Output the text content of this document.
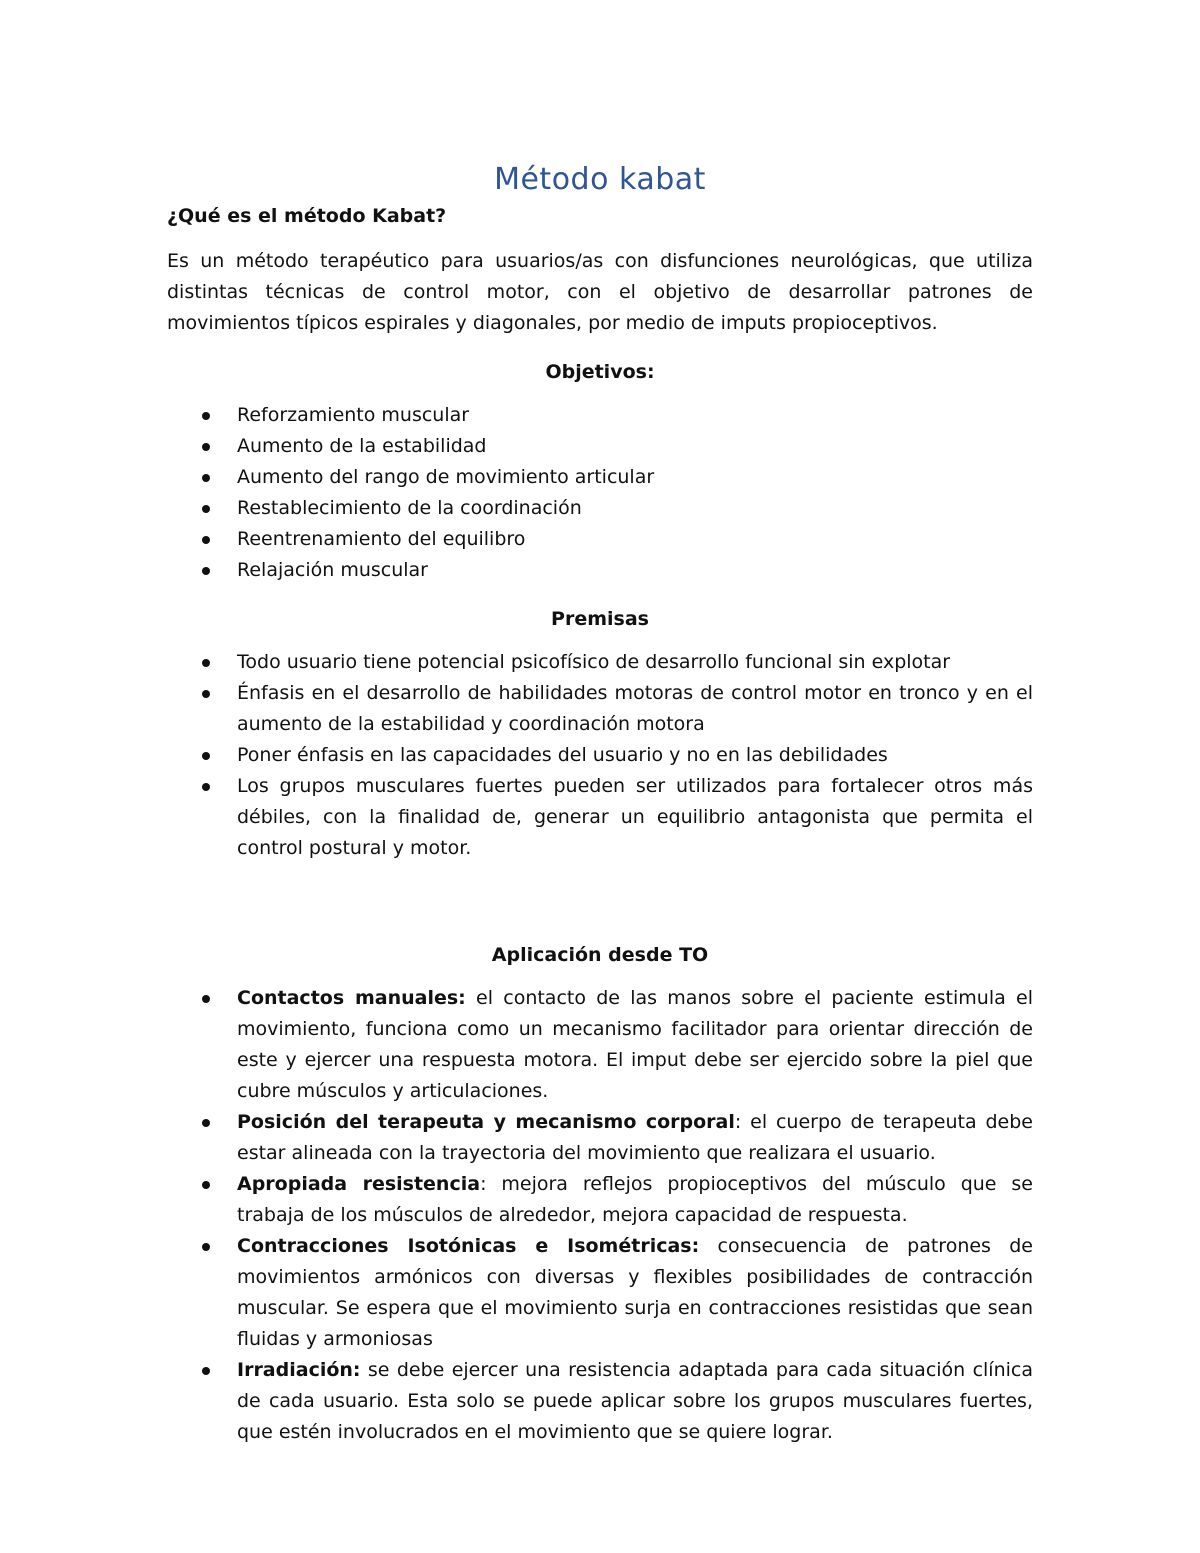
Método kabat
¿Qué es el método Kabat?

Es un método terapéutico para usuarios/as con disfunciones neurológicas, que utiliza distintas técnicas de control motor, con el objetivo de desarrollar patrones de movimientos típicos espirales y diagonales, por medio de imputs propioceptivos.

Objetivos:
Reforzamiento muscular
Aumento de la estabilidad
Aumento del rango de movimiento articular
Restablecimiento de la coordinación
Reentrenamiento del equilibro
Relajación muscular
Premisas
Todo usuario tiene potencial psicofísico de desarrollo funcional sin explotar
Énfasis en el desarrollo de habilidades motoras de control motor en tronco y en el aumento de la estabilidad y coordinación motora
Poner énfasis en las capacidades del usuario y no en las debilidades
Los grupos musculares fuertes pueden ser utilizados para fortalecer otros más débiles, con la finalidad de, generar un equilibrio antagonista que permita el control postural y motor.
Aplicación desde TO
Contactos manuales: el contacto de las manos sobre el paciente estimula el movimiento, funciona como un mecanismo facilitador para orientar dirección de este y ejercer una respuesta motora. El imput debe ser ejercido sobre la piel que cubre músculos y articulaciones.
Posición del terapeuta y mecanismo corporal: el cuerpo de terapeuta debe estar alineada con la trayectoria del movimiento que realizara el usuario.
Apropiada resistencia: mejora reflejos propioceptivos del músculo que se trabaja de los músculos de alrededor, mejora capacidad de respuesta.
Contracciones Isotónicas e Isométricas: consecuencia de patrones de movimientos armónicos con diversas y flexibles posibilidades de contracción muscular. Se espera que el movimiento surja en contracciones resistidas que sean fluidas y armoniosas
Irradiación: se debe ejercer una resistencia adaptada para cada situación clínica de cada usuario. Esta solo se puede aplicar sobre los grupos musculares fuertes, que estén involucrados en el movimiento que se quiere lograr.
